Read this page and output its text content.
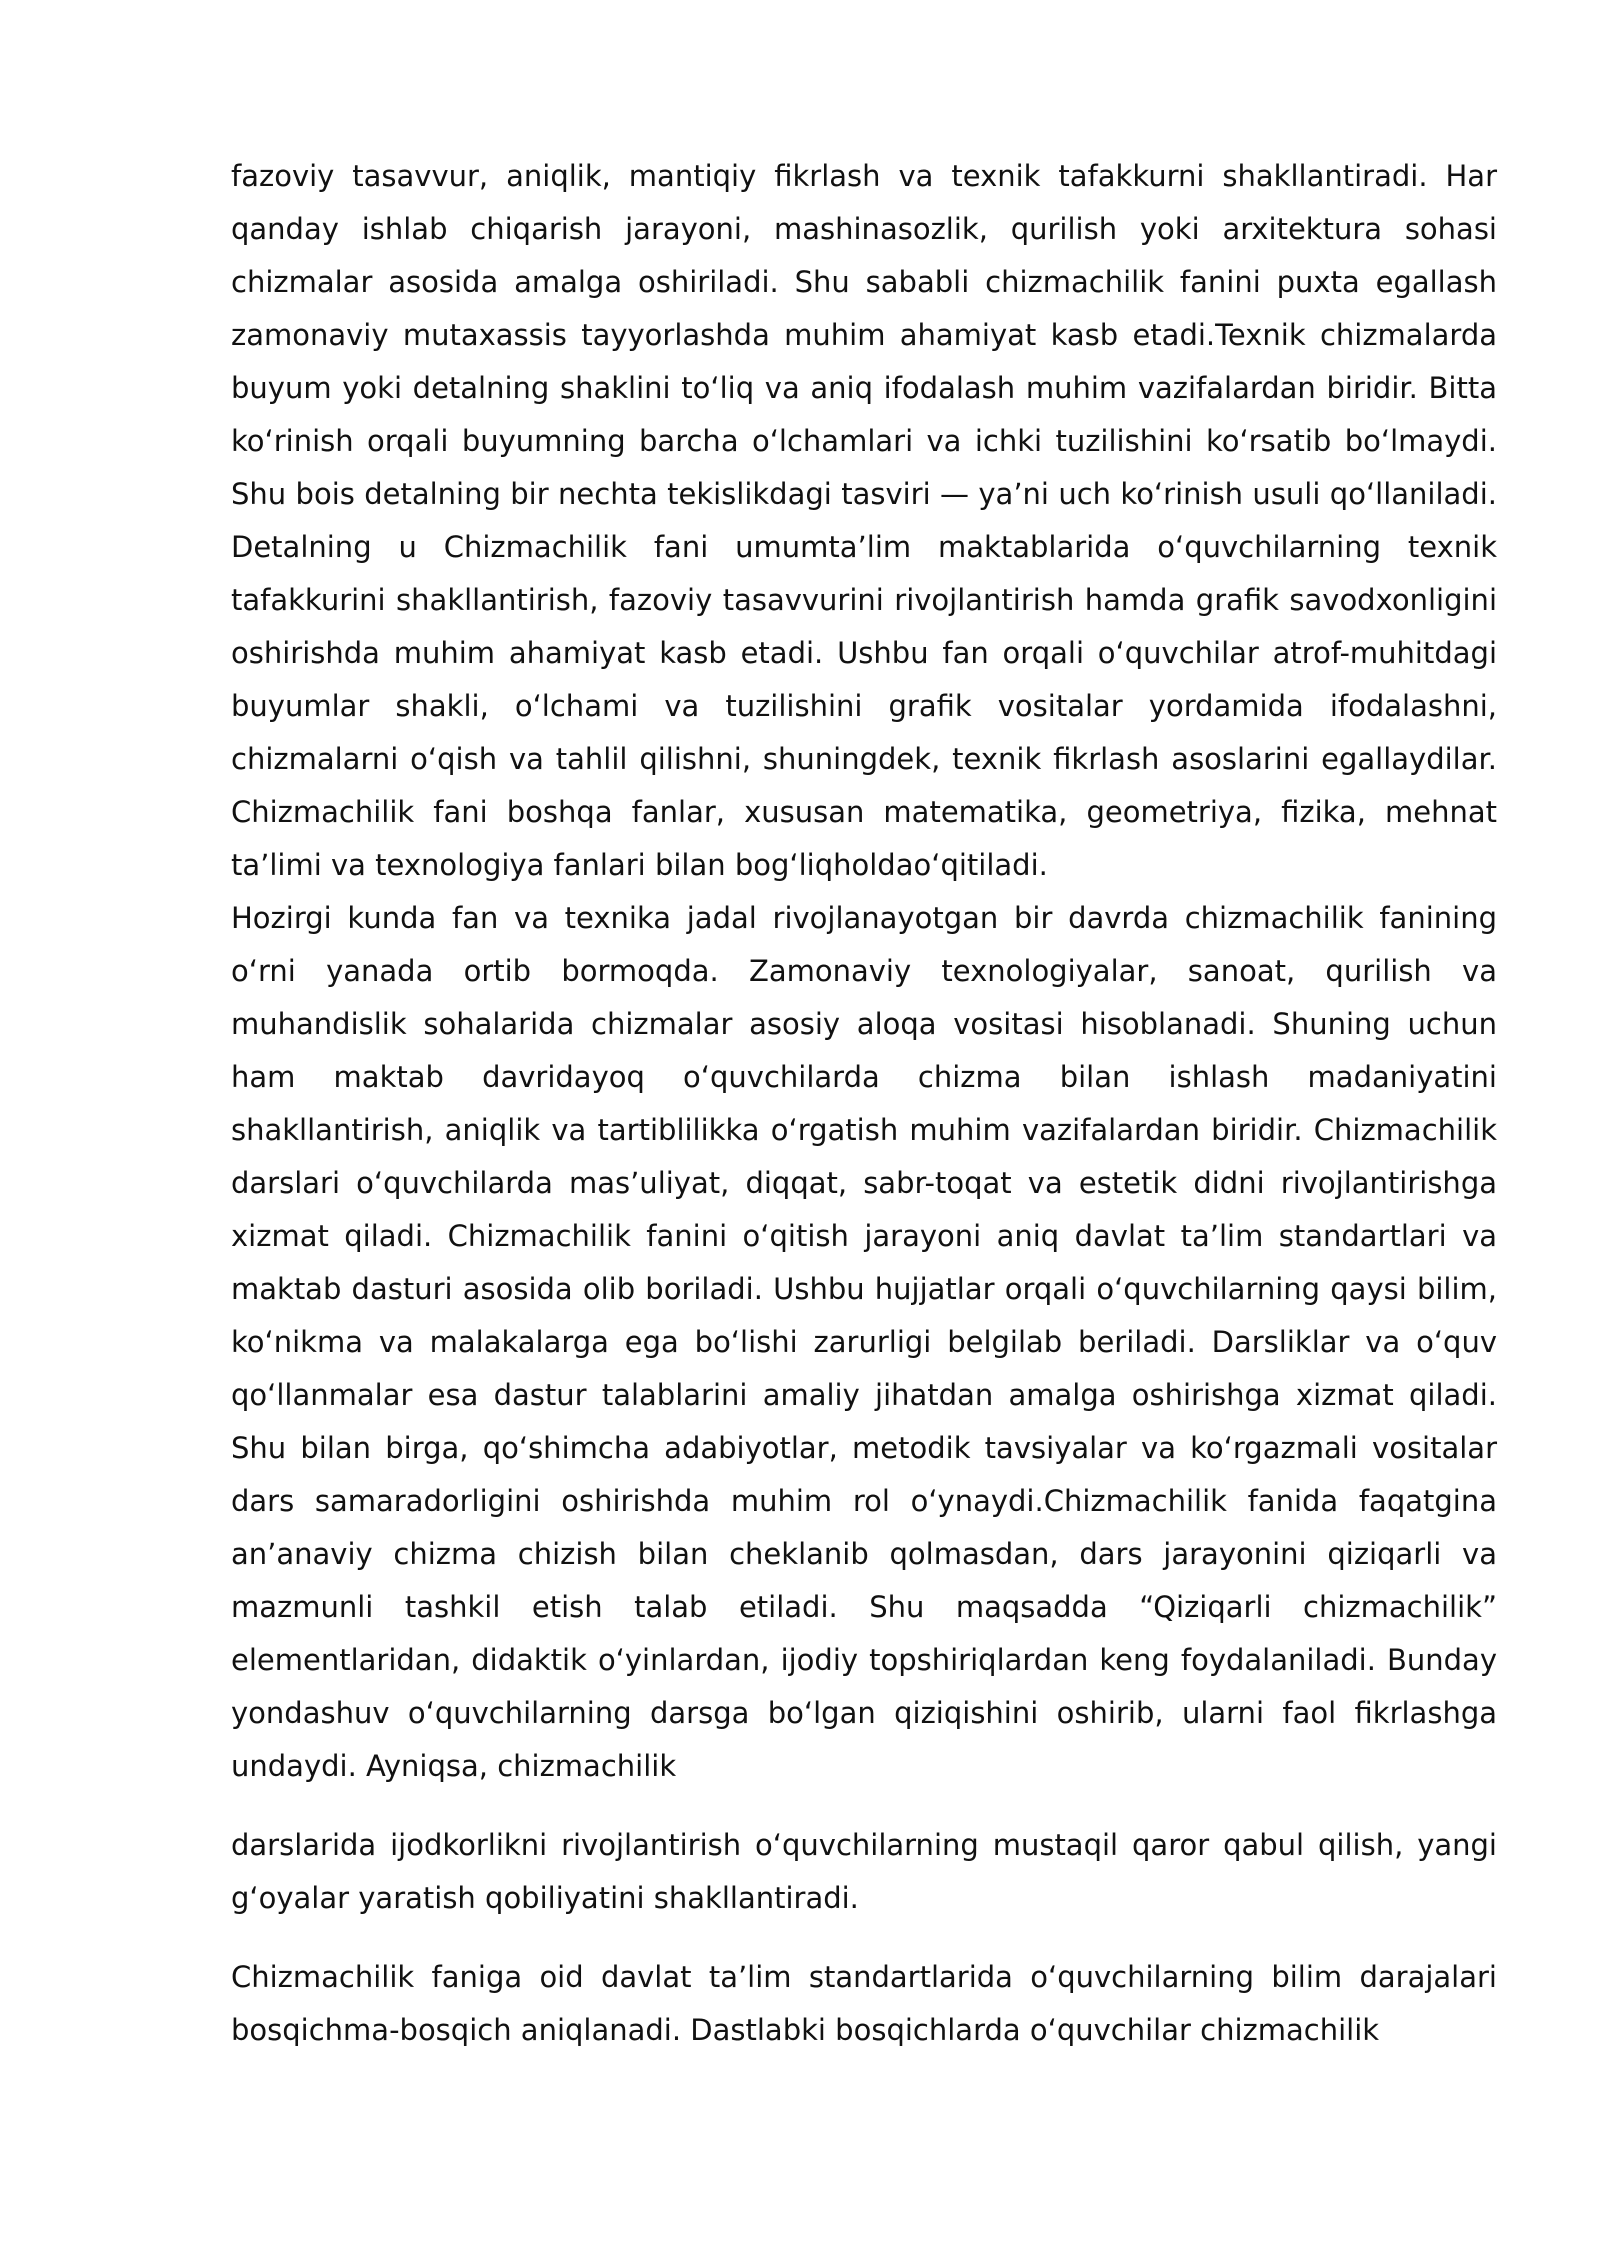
fazoviy tasavvur, aniqlik, mantiqiy fikrlash va texnik tafakkurni shakllantiradi. Har qanday ishlab chiqarish jarayoni, mashinasozlik, qurilish yoki arxitektura sohasi chizmalar asosida amalga oshiriladi. Shu sababli chizmachilik fanini puxta egallash zamonaviy mutaxassis tayyorlashda muhim ahamiyat kasb etadi.Texnik chizmalarda buyum yoki detalning shaklini to‘liq va aniq ifodalash muhim vazifalardan biridir. Bitta ko‘rinish orqali buyumning barcha o‘lchamlari va ichki tuzilishini ko‘rsatib bo‘lmaydi. Shu bois detalning bir nechta tekislikdagi tasviri — ya’ni uch ko‘rinish usuli qo‘llaniladi. Detalning u Chizmachilik fani umumta’lim maktablarida o‘quvchilarning texnik tafakkurini shakllantirish, fazoviy tasavvurini rivojlantirish hamda grafik savodxonligini oshirishda muhim ahamiyat kasb etadi. Ushbu fan orqali o‘quvchilar atrof-muhitdagi buyumlar shakli, o‘lchami va tuzilishini grafik vositalar yordamida ifodalashni, chizmalarni o‘qish va tahlil qilishni, shuningdek, texnik fikrlash asoslarini egallaydilar. Chizmachilik fani boshqa fanlar, xususan matematika, geometriya, fizika, mehnat ta’limi va texnologiya fanlari bilan bog‘liqholdao‘qitiladi.

Hozirgi kunda fan va texnika jadal rivojlanayotgan bir davrda chizmachilik fanining o‘rni yanada ortib bormoqda. Zamonaviy texnologiyalar, sanoat, qurilish va muhandislik sohalarida chizmalar asosiy aloqa vositasi hisoblanadi. Shuning uchun ham maktab davridayoq o‘quvchilarda chizma bilan ishlash madaniyatini shakllantirish, aniqlik va tartiblilikka o‘rgatish muhim vazifalardan biridir. Chizmachilik darslari o‘quvchilarda mas’uliyat, diqqat, sabr-toqat va estetik didni rivojlantirishga xizmat qiladi. Chizmachilik fanini o‘qitish jarayoni aniq davlat ta’lim standartlari va maktab dasturi asosida olib boriladi. Ushbu hujjatlar orqali o‘quvchilarning qaysi bilim, ko‘nikma va malakalarga ega bo‘lishi zarurligi belgilab beriladi. Darsliklar va o‘quv qo‘llanmalar esa dastur talablarini amaliy jihatdan amalga oshirishga xizmat qiladi. Shu bilan birga, qo‘shimcha adabiyotlar, metodik tavsiyalar va ko‘rgazmali vositalar dars samaradorligini oshirishda muhim rol o‘ynaydi.Chizmachilik fanida faqatgina an’anaviy chizma chizish bilan cheklanib qolmasdan, dars jarayonini qiziqarli va mazmunli tashkil etish talab etiladi. Shu maqsadda “Qiziqarli chizmachilik” elementlaridan, didaktik o‘yinlardan, ijodiy topshiriqlardan keng foydalaniladi. Bunday yondashuv o‘quvchilarning darsga bo‘lgan qiziqishini oshirib, ularni faol fikrlashga undaydi. Ayniqsa, chizmachilik

darslarida ijodkorlikni rivojlantirish o‘quvchilarning mustaqil qaror qabul qilish, yangi g‘oyalar yaratish qobiliyatini shakllantiradi.

Chizmachilik faniga oid davlat ta’lim standartlarida o‘quvchilarning bilim darajalari bosqichma-bosqich aniqlanadi. Dastlabki bosqichlarda o‘quvchilar chizmachilik
